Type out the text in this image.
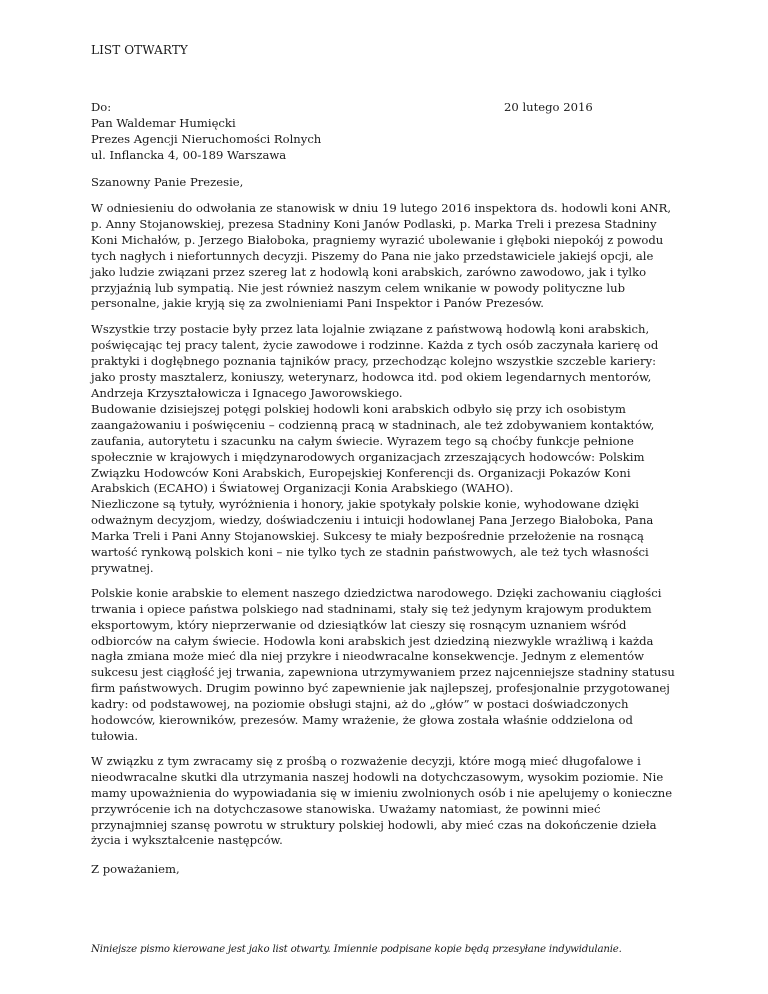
LIST OTWARTY
Do:
Pan Waldemar Humięcki
Prezes Agencji Nieruchomości Rolnych
ul. Inflancka 4, 00-189 Warszawa
20 lutego 2016

Szanowny Panie Prezesie,

W odniesieniu do odwołania ze stanowisk w dniu 19 lutego 2016 inspektora ds. hodowli koni ANR, p. Anny Stojanowskiej, prezesa Stadniny Koni Janów Podlaski, p. Marka Treli i prezesa Stadniny Koni Michałów, p. Jerzego Białoboka, pragniemy wyrazić ubolewanie i głęboki niepokój z powodu tych nagłych i niefortunnych decyzji. Piszemy do Pana nie jako przedstawiciele jakiejś opcji, ale jako ludzie związani przez szereg lat z hodowlą koni arabskich, zarówno zawodowo, jak i tylko przyjaźnią lub sympatią. Nie jest również naszym celem wnikanie w powody polityczne lub personalne, jakie kryją się za zwolnieniami Pani Inspektor i Panów Prezesów.

Wszystkie trzy postacie były przez lata lojalnie związane z państwową hodowlą koni arabskich, poświęcając tej pracy talent, życie zawodowe i rodzinne. Każda z tych osób zaczynała karierę od praktyki i dogłębnego poznania tajników pracy, przechodząc kolejno wszystkie szczeble kariery: jako prosty masztalerz, koniuszy, weterynarz, hodowca itd. pod okiem legendarnych mentorów, Andrzeja Krzyształowicza i Ignacego Jaworowskiego.

Budowanie dzisiejszej potęgi polskiej hodowli koni arabskich odbyło się przy ich osobistym zaangażowaniu i poświęceniu – codzienną pracą w stadninach, ale też zdobywaniem kontaktów, zaufania, autorytetu i szacunku na całym świecie. Wyrazem tego są choćby funkcje pełnione społecznie w krajowych i międzynarodowych organizacjach zrzeszających hodowców: Polskim Związku Hodowców Koni Arabskich, Europejskiej Konferencji ds. Organizacji Pokazów Koni Arabskich (ECAHO) i Światowej Organizacji Konia Arabskiego (WAHO).

Niezliczone są tytuły, wyróżnienia i honory, jakie spotykały polskie konie, wyhodowane dzięki odważnym decyzjom, wiedzy, doświadczeniu i intuicji hodowlanej Pana Jerzego Białoboka, Pana Marka Treli i Pani Anny Stojanowskiej. Sukcesy te miały bezpośrednie przełożenie na rosnącą wartość rynkową polskich koni – nie tylko tych ze stadnin państwowych, ale też tych własności prywatnej.

Polskie konie arabskie to element naszego dziedzictwa narodowego. Dzięki zachowaniu ciągłości trwania i opiece państwa polskiego nad stadninami, stały się też jedynym krajowym produktem eksportowym, który nieprzerwanie od dziesiątków lat cieszy się rosnącym uznaniem wśród odbiorców na całym świecie. Hodowla koni arabskich jest dziedziną niezwykle wrażliwą i każda nagła zmiana może mieć dla niej przykre i nieodwracalne konsekwencje. Jednym z elementów sukcesu jest ciągłość jej trwania, zapewniona utrzymywaniem przez najcenniejsze stadniny statusu firm państwowych. Drugim powinno być zapewnienie jak najlepszej, profesjonalnie przygotowanej kadry: od podstawowej, na poziomie obsługi stajni, aż do „głów” w postaci doświadczonych hodowców, kierowników, prezesów. Mamy wrażenie, że głowa została właśnie oddzielona od tułowia.

W związku z tym zwracamy się z prośbą o rozważenie decyzji, które mogą mieć długofalowe i nieodwracalne skutki dla utrzymania naszej hodowli na dotychczasowym, wysokim poziomie. Nie mamy upoważnienia do wypowiadania się w imieniu zwolnionych osób i nie apelujemy o konieczne przywrócenie ich na dotychczasowe stanowiska. Uważamy natomiast, że powinni mieć przynajmniej szansę powrotu w struktury polskiej hodowli, aby mieć czas na dokończenie dzieła życia i wykształcenie następców.

Z poważaniem,

Niniejsze pismo kierowane jest jako list otwarty. Imiennie podpisane kopie będą przesyłane indywidulanie.
